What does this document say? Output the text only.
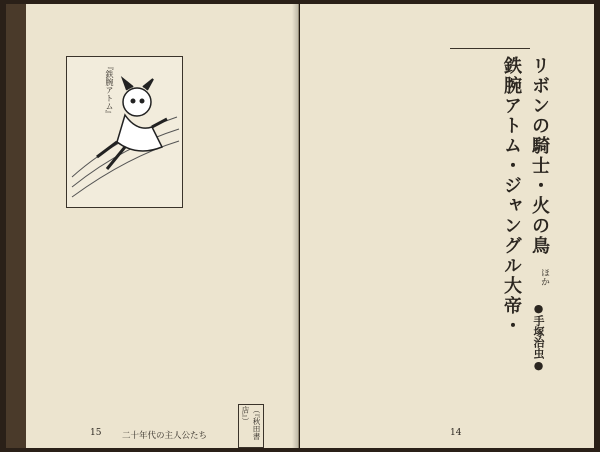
『鉄腕アトム』

（『秋田書店』）
15 二十年代の主人公たち
鉄腕アトム・ジャングル大帝・ リボンの騎士・火の鳥
ほか
●手塚治虫●
14
